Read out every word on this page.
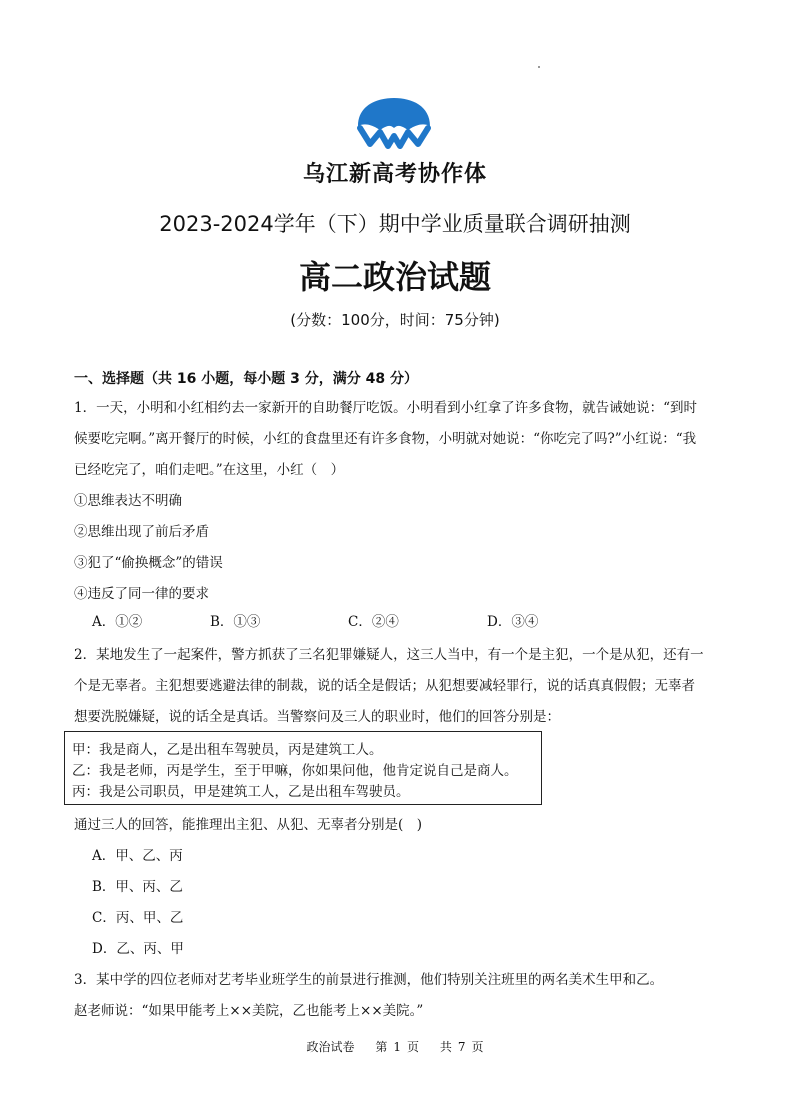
乌江新高考协作体
2023-2024学年（下）期中学业质量联合调研抽测
高二政治试题
(分数：100分，时间：75分钟)
一、选择题（共 16 小题，每小题 3 分，满分 48 分）
1．一天，小明和小红相约去一家新开的自助餐厅吃饭。小明看到小红拿了许多食物，就告诫她说：“到时
候要吃完啊。”离开餐厅的时候，小红的食盘里还有许多食物，小明就对她说：“你吃完了吗?”小红说：“我
已经吃完了，咱们走吧。”在这里，小红（　）
①思维表达不明确
②思维出现了前后矛盾
③犯了“偷换概念”的错误
④违反了同一律的要求
A．①②	B．①③	C．②④	D．③④
2．某地发生了一起案件，警方抓获了三名犯罪嫌疑人，这三人当中，有一个是主犯，一个是从犯，还有一
个是无辜者。主犯想要逃避法律的制裁，说的话全是假话；从犯想要减轻罪行，说的话真真假假；无辜者
想要洗脱嫌疑，说的话全是真话。当警察问及三人的职业时，他们的回答分别是：
甲：我是商人，乙是出租车驾驶员，丙是建筑工人。
乙：我是老师，丙是学生，至于甲嘛，你如果问他，他肯定说自己是商人。
丙：我是公司职员，甲是建筑工人，乙是出租车驾驶员。
通过三人的回答，能推理出主犯、从犯、无辜者分别是(　)
A．甲、乙、丙
B．甲、丙、乙
C．丙、甲、乙
D．乙、丙、甲
3．某中学的四位老师对艺考毕业班学生的前景进行推测，他们特别关注班里的两名美术生甲和乙。
赵老师说：“如果甲能考上××美院，乙也能考上××美院。”
政治试卷 第 1 页 共 7 页
